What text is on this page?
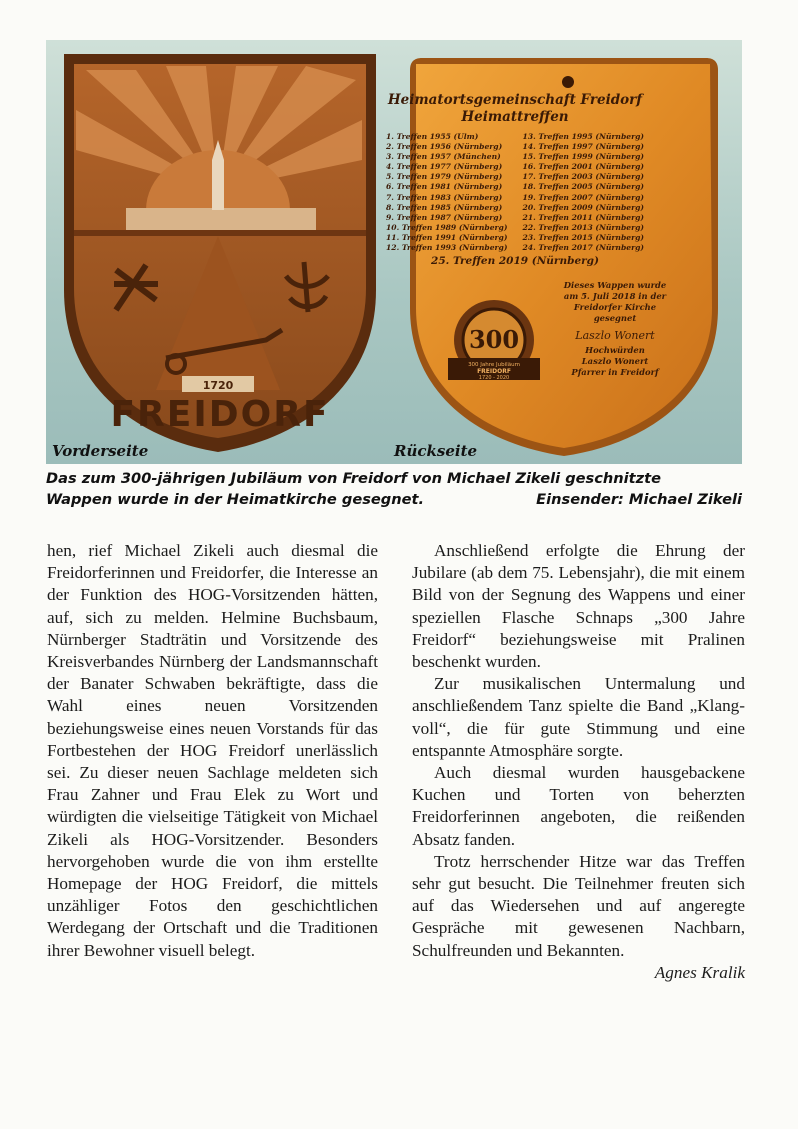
1720
FREIDORF
300
300 Jahre Jubiläum
FREIDORF
1720 - 2020
Heimatortsgemeinschaft Freidorf
Heimattreffen
1. Treffen 1955 (Ulm)
2. Treffen 1956 (Nürnberg)
3. Treffen 1957 (München)
4. Treffen 1977 (Nürnberg)
5. Treffen 1979 (Nürnberg)
6. Treffen 1981 (Nürnberg)
7. Treffen 1983 (Nürnberg)
8. Treffen 1985 (Nürnberg)
9. Treffen 1987 (Nürnberg)
10. Treffen 1989 (Nürnberg)
11. Treffen 1991 (Nürnberg)
12. Treffen 1993 (Nürnberg)
13. Treffen 1995 (Nürnberg)
14. Treffen 1997 (Nürnberg)
15. Treffen 1999 (Nürnberg)
16. Treffen 2001 (Nürnberg)
17. Treffen 2003 (Nürnberg)
18. Treffen 2005 (Nürnberg)
19. Treffen 2007 (Nürnberg)
20. Treffen 2009 (Nürnberg)
21. Treffen 2011 (Nürnberg)
22. Treffen 2013 (Nürnberg)
23. Treffen 2015 (Nürnberg)
24. Treffen 2017 (Nürnberg)
25. Treffen 2019 (Nürnberg)
Dieses Wappen wurde
am 5. Juli 2018 in der
Freidorfer Kirche
gesegnet
Laszlo Wonert
Hochwürden
Laszlo Wonert
Pfarrer in Freidorf
Vorderseite	Rückseite
Das zum 300-jährigen Jubiläum von Freidorf von Michael Zikeli geschnitzte
Wappen wurde in der Heimatkirche gesegnet.	Einsender: Michael Zikeli

hen, rief Michael Zikeli auch diesmal die Freidorferinnen und Freidorfer, die Interesse an der Funktion des HOG-Vorsitzenden hätten, auf, sich zu melden. Helmine Buchsbaum, Nürnberger Stadträtin und Vorsitzende des Kreisverbandes Nürnberg der Landsmannschaft der Banater Schwaben bekräftigte, dass die Wahl eines neuen Vorsitzenden beziehungsweise eines neuen Vorstands für das Fortbestehen der HOG Freidorf unerlässlich sei. Zu dieser neuen Sachlage meldeten sich Frau Zahner und Frau Elek zu Wort und würdigten die vielseitige Tätigkeit von Michael Zikeli als HOG-Vorsitzender. Besonders hervorgehoben wurde die von ihm erstellte Homepage der HOG Freidorf, die mittels unzähliger Fotos den geschichtlichen Werdegang der Ortschaft und die Traditionen ihrer Bewohner visuell belegt.

Anschließend erfolgte die Ehrung der Jubilare (ab dem 75. Lebensjahr), die mit einem Bild von der Segnung des Wappens und einer speziellen Flasche Schnaps „300 Jahre Freidorf“ beziehungsweise mit Pralinen beschenkt wurden.

Zur musikalischen Untermalung und anschließendem Tanz spielte die Band „Klang-voll“, die für gute Stimmung und eine entspannte Atmosphäre sorgte.

Auch diesmal wurden hausgebackene Kuchen und Torten von beherzten Freidorferinnen angeboten, die reißenden Absatz fanden.

Trotz herrschender Hitze war das Treffen sehr gut besucht. Die Teilnehmer freuten sich auf das Wiedersehen und auf angeregte Gespräche mit gewesenen Nachbarn, Schulfreunden und Bekannten.

Agnes Kralik
